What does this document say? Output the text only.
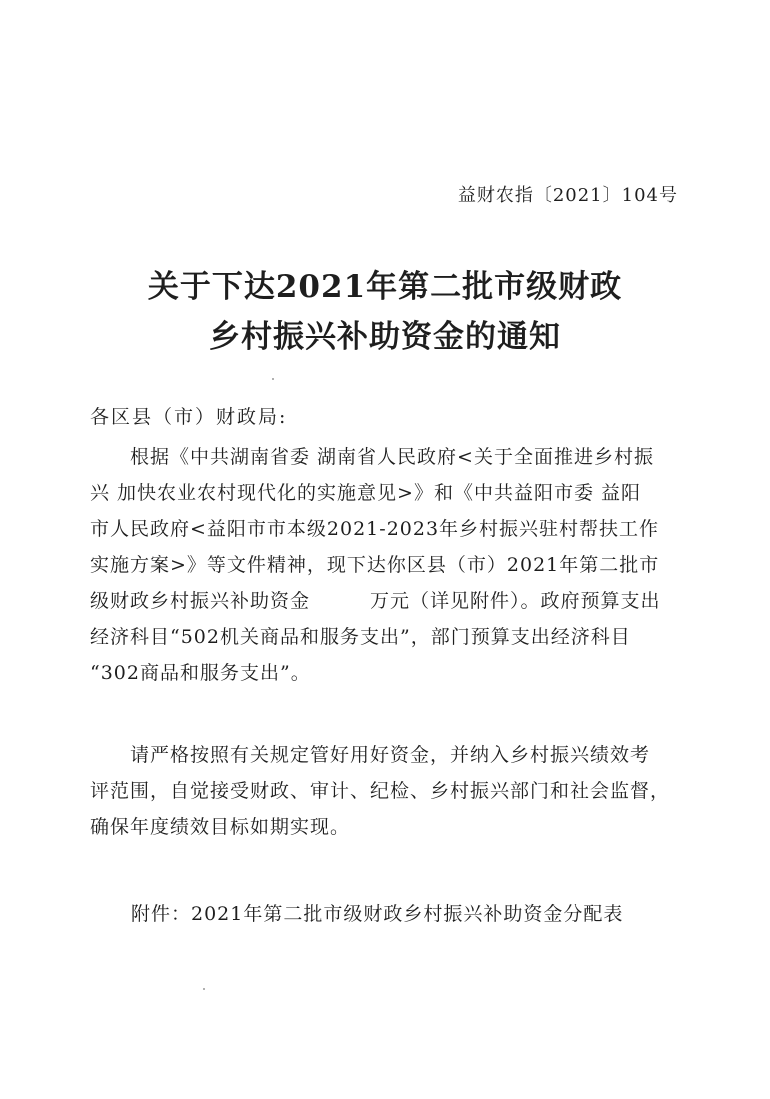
益财农指〔2021〕104号
关于下达2021年第二批市级财政
乡村振兴补助资金的通知
各区县（市）财政局:
　　根据《中共湖南省委 湖南省人民政府<关于全面推进乡村振
兴 加快农业农村现代化的实施意见>》和《中共益阳市委 益阳
市人民政府<益阳市市本级2021-2023年乡村振兴驻村帮扶工作
实施方案>》等文件精神，现下达你区县（市）2021年第二批市
级财政乡村振兴补助资金　　　万元（详见附件）。政府预算支出
经济科目“502机关商品和服务支出”，部门预算支出经济科目
“302商品和服务支出”。
　　请严格按照有关规定管好用好资金，并纳入乡村振兴绩效考
评范围，自觉接受财政、审计、纪检、乡村振兴部门和社会监督，
确保年度绩效目标如期实现。
附件：2021年第二批市级财政乡村振兴补助资金分配表
